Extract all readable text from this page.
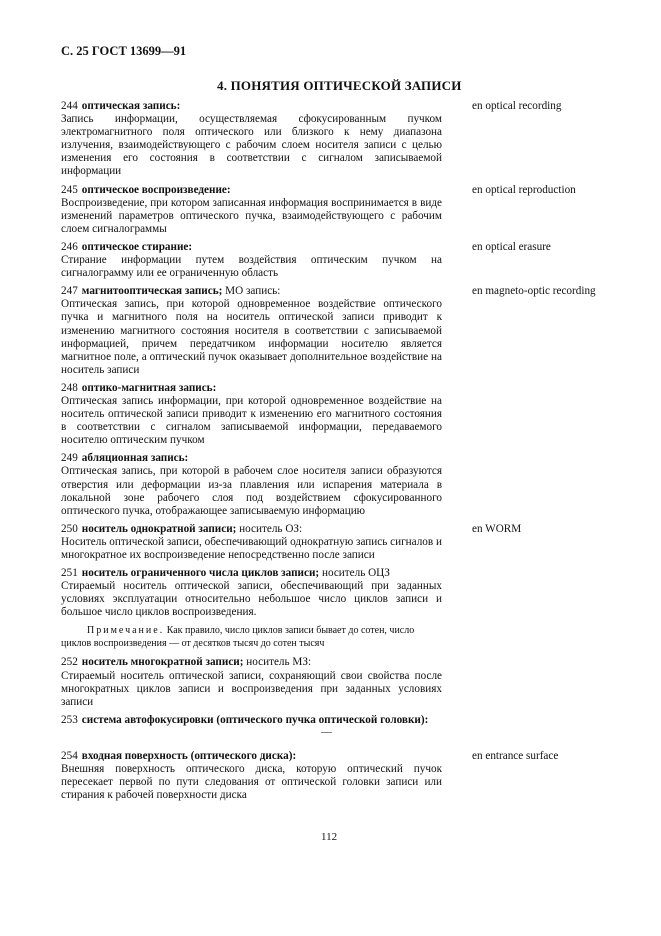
С. 25 ГОСТ 13699—91
4. ПОНЯТИЯ ОПТИЧЕСКОЙ ЗАПИСИ
244 оптическая запись:
Запись информации, осуществляемая сфокусированным пучком электромагнитного поля оптического или близкого к нему диапазона излучения, взаимодействующего с рабочим слоем носителя записи с целью изменения его состояния в соответствии с сигналом записываемой информации
en optical recording
245 оптическое воспроизведение:
Воспроизведение, при котором записанная информация воспринимается в виде изменений параметров оптического пучка, взаимодействующего с рабочим слоем сигналограммы
en optical reproduction
246 оптическое стирание:
Стирание информации путем воздействия оптическим пучком на сигналограмму или ее ограниченную область
en optical erasure
247 магнитооптическая запись; МО запись:
Оптическая запись, при которой одновременное воздействие оптического пучка и магнитного поля на носитель оптической записи приводит к изменению магнитного состояния носителя в соответствии с записываемой информацией, причем передатчиком информации носителю является магнитное поле, а оптический пучок оказывает дополнительное воздействие на носитель записи
en magneto-optic recording
248 оптико-магнитная запись:
Оптическая запись информации, при которой одновременное воздействие на носитель оптической записи приводит к изменению его магнитного состояния в соответствии с сигналом записываемой информации, передаваемого носителю оптическим пучком
249 абляционная запись:
Оптическая запись, при которой в рабочем слое носителя записи образуются отверстия или деформации из-за плавления или испарения материала в локальной зоне рабочего слоя под воздействием сфокусированного оптического пучка, отображающее записываемую информацию
250 носитель однократной записи; носитель ОЗ:
Носитель оптической записи, обеспечивающий однократную запись сигналов и многократное их воспроизведение непосредственно после записи
en WORM
251 носитель ограниченного числа циклов записи; носитель ОЦЗ
Стираемый носитель оптической записи, обеспечивающий при заданных условиях эксплуатации относительно небольшое число циклов записи и большое число циклов воспроизведения.
Примечание. Как правило, число циклов записи бывает до сотен, число циклов воспроизведения — от десятков тысяч до сотен тысяч
252 носитель многократной записи; носитель МЗ:
Стираемый носитель оптической записи, сохраняющий свои свойства после многократных циклов записи и воспроизведения при заданных условиях записи
253 система автофокусировки (оптического пучка оптической головки):
—
254 входная поверхность (оптического диска):
Внешняя поверхность оптического диска, которую оптический пучок пересекает первой по пути следования от оптической головки записи или стирания к рабочей поверхности диска
en entrance surface
112
